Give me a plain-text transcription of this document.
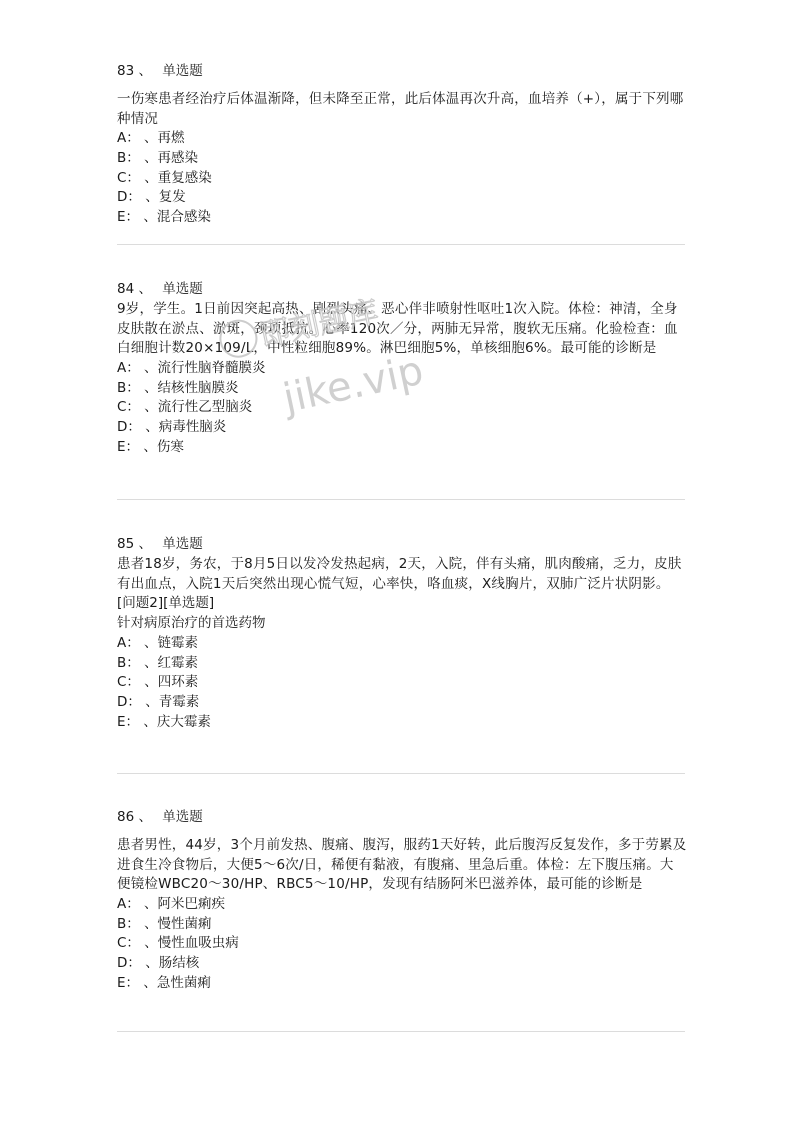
83 、 单选题
一伤寒患者经治疗后体温渐降，但未降至正常，此后体温再次升高，血培养（+），属于下列哪种情况
A： 、再燃
B： 、再感染
C： 、重复感染
D： 、复发
E： 、混合感染
84 、 单选题
9岁，学生。1日前因突起高热、剧烈头痛、恶心伴非喷射性呕吐1次入院。体检：神清，全身皮肤散在淤点、淤斑，颈项抵抗。心率120次／分，两肺无异常，腹软无压痛。化验检查：血白细胞计数20×109/L，中性粒细胞89%。淋巴细胞5%，单核细胞6%。最可能的诊断是
A： 、流行性脑脊髓膜炎
B： 、结核性脑膜炎
C： 、流行性乙型脑炎
D： 、病毒性脑炎
E： 、伤寒
85 、 单选题
患者18岁，务农，于8月5日以发冷发热起病，2天，入院，伴有头痛，肌肉酸痛，乏力，皮肤有出血点，入院1天后突然出现心慌气短，心率快，咯血痰，X线胸片，双肺广泛片状阴影。
[问题2][单选题]
针对病原治疗的首选药物
A： 、链霉素
B： 、红霉素
C： 、四环素
D： 、青霉素
E： 、庆大霉素
86 、 单选题
患者男性，44岁，3个月前发热、腹痛、腹泻，服药1天好转，此后腹泻反复发作，多于劳累及进食生冷食物后，大便5～6次/日，稀便有黏液，有腹痛、里急后重。体检：左下腹压痛。大便镜检WBC20～30/HP、RBC5～10/HP，发现有结肠阿米巴滋养体，最可能的诊断是
A： 、阿米巴痢疾
B： 、慢性菌痢
C： 、慢性血吸虫病
D： 、肠结核
E： 、急性菌痢
即刻题库
jike.vip
